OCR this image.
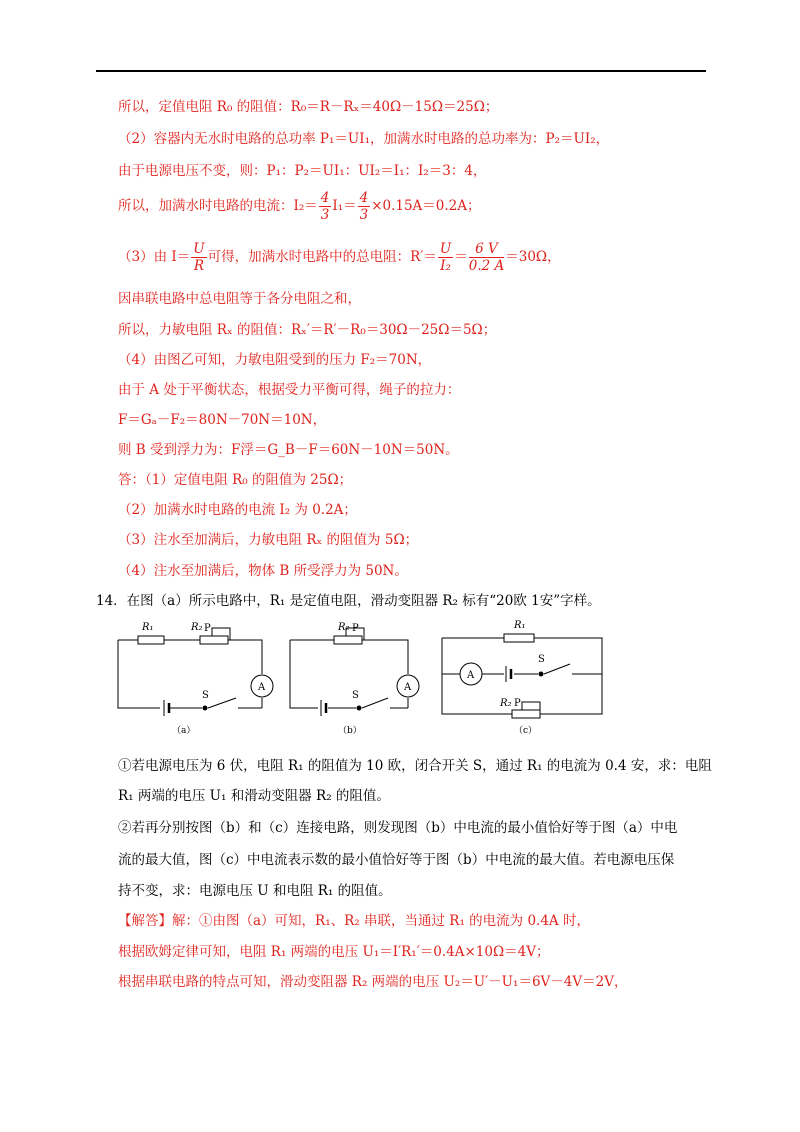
所以，定值电阻 R₀ 的阻值：R₀＝R－Rₓ＝40Ω－15Ω＝25Ω；
（2）容器内无水时电路的总功率 P₁＝UI₁，加满水时电路的总功率为：P₂＝UI₂，
由于电源电压不变，则：P₁：P₂＝UI₁：UI₂＝I₁：I₂＝3：4，
所以，加满水时电路的电流：$I_2= \frac{4}{3} I_1= \frac{4}{3} \times 0.15A=0.2A$；
（3）由 $I= \frac{U}{R}$ 可得，加满水时电路中的总电阻：$R'= \frac{U}{\text{I₂}} = \frac{6 V}{0.2 A} =30\Omega$，
因串联电路中总电阻等于各分电阻之和，
所以，力敏电阻 Rₓ 的阻值：Rₓ′＝R′－R₀＝30Ω－25Ω＝5Ω；
（4）由图乙可知，力敏电阻受到的压力 F₂＝70N，
由于 A 处于平衡状态，根据受力平衡可得，绳子的拉力：
F＝Gₐ－F₂＝80N－70N＝10N，
则 B 受到浮力为：F浮＝G_B－F＝60N－10N＝50N。
答：（1）定值电阻 R₀ 的阻值为 25Ω；
（2）加满水时电路的电流 I₂ 为 0.2A；
（3）注水至加满后，力敏电阻 Rₓ 的阻值为 5Ω；
（4）注水至加满后，物体 B 所受浮力为 50N。
14．在图（a）所示电路中，R₁ 是定值电阻，滑动变阻器 R₂ 标有“20欧 1安”字样。
R₁	R₂ P
A
S
（a）
R₂ P
A
S
（b）
R₁
R₂ P
A
S
（c）
①若电源电压为 6 伏，电阻 R₁ 的阻值为 10 欧，闭合开关 S，通过 R₁ 的电流为 0.4 安，求：电阻
R₁ 两端的电压 U₁ 和滑动变阻器 R₂ 的阻值。
②若再分别按图（b）和（c）连接电路，则发现图（b）中电流的最小值恰好等于图（a）中电
流的最大值，图（c）中电流表示数的最小值恰好等于图（b）中电流的最大值。若电源电压保
持不变，求：电源电压 U 和电阻 R₁ 的阻值。
【解答】解：①由图（a）可知，R₁、R₂ 串联，当通过 R₁ 的电流为 0.4A 时，
根据欧姆定律可知，电阻 R₁ 两端的电压 U₁＝I′R₁′＝0.4A×10Ω＝4V；
根据串联电路的特点可知，滑动变阻器 R₂ 两端的电压 U₂＝U′－U₁＝6V－4V＝2V，
